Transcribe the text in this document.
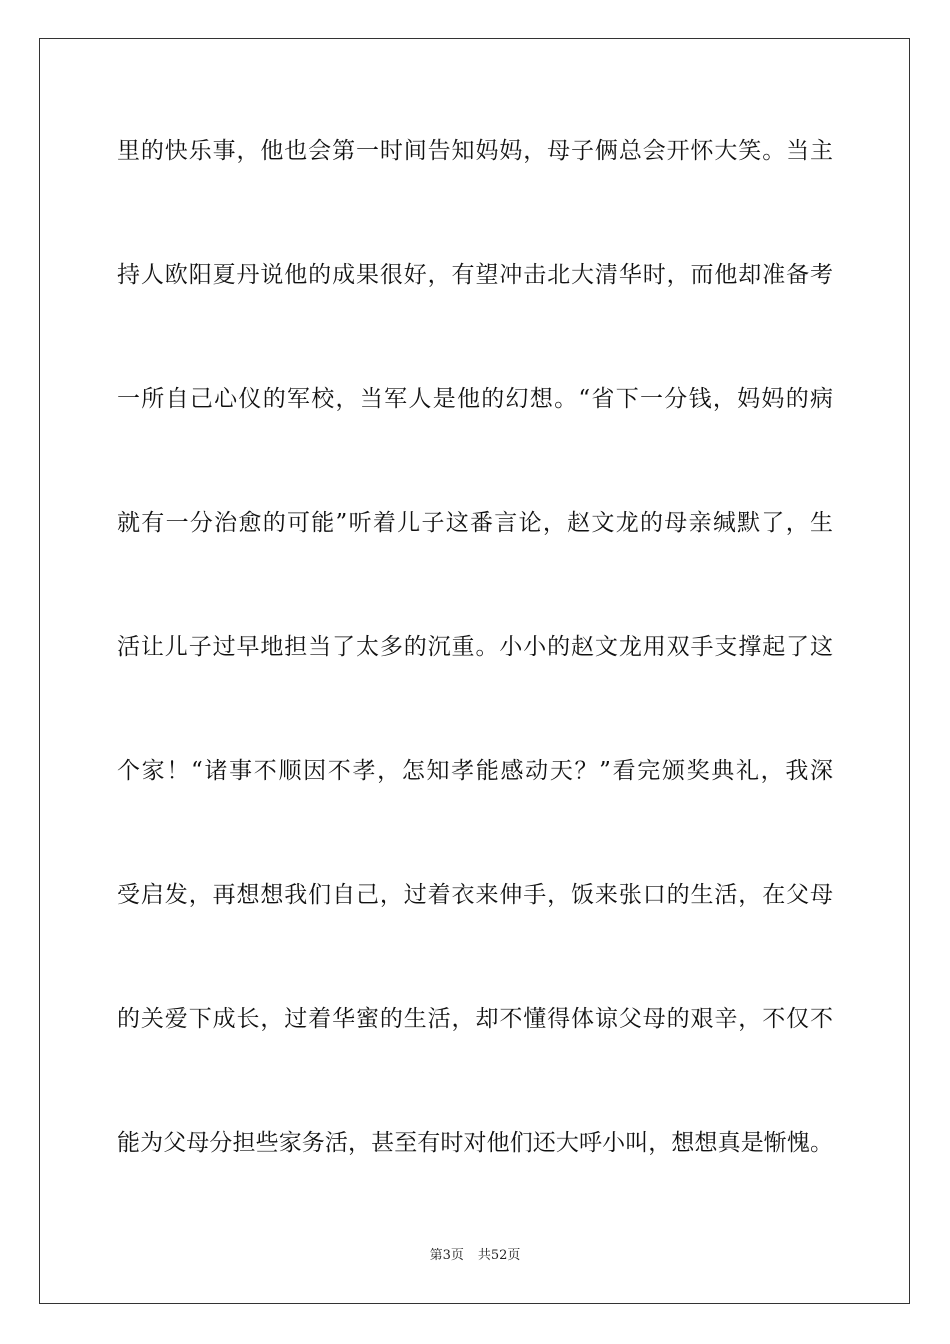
里的快乐事，他也会第一时间告知妈妈，母子俩总会开怀大笑。当主
持人欧阳夏丹说他的成果很好，有望冲击北大清华时，而他却准备考
一所自己心仪的军校，当军人是他的幻想。“省下一分钱，妈妈的病
就有一分治愈的可能”听着儿子这番言论，赵文龙的母亲缄默了，生
活让儿子过早地担当了太多的沉重。小小的赵文龙用双手支撑起了这
个家！“诸事不顺因不孝，怎知孝能感动天？”看完颁奖典礼，我深
受启发，再想想我们自己，过着衣来伸手，饭来张口的生活，在父母
的关爱下成长，过着华蜜的生活，却不懂得体谅父母的艰辛，不仅不
能为父母分担些家务活，甚至有时对他们还大呼小叫，想想真是惭愧。
第3页 共52页
